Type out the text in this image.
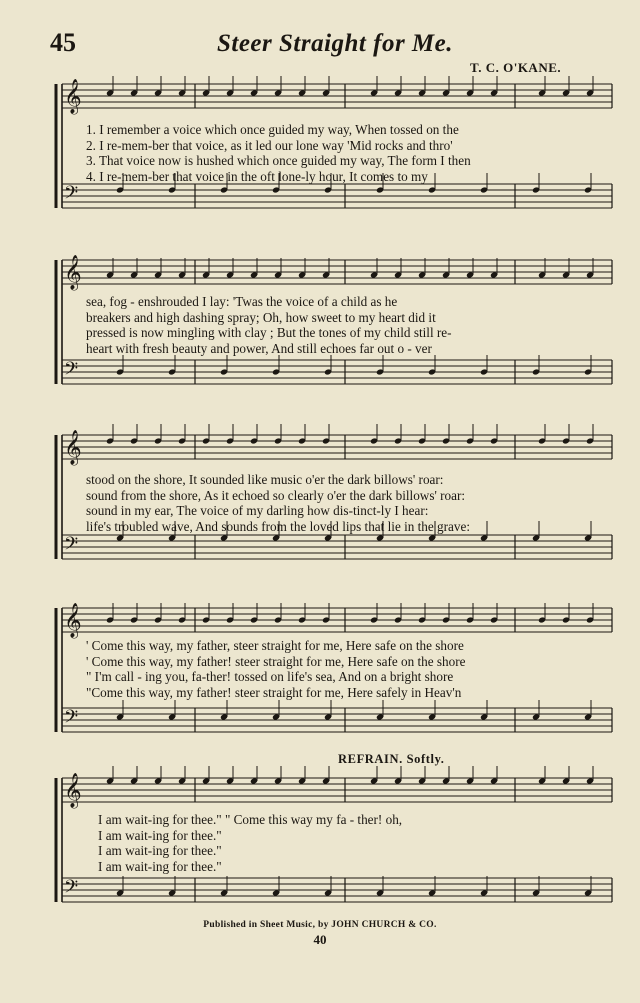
45	Steer Straight for Me.
T. C. O'KANE.
𝄞
𝄢
1. I remember a voice which once guided my way, When tossed on the
2. I re-mem-ber that voice, as it led our lone way 'Mid rocks and thro'
3. That voice now is hushed which once guided my way, The form I then
4. I re-mem-ber that voice in the oft lone-ly hour, It comes to my
𝄞
𝄢
sea, fog - enshrouded I lay: 'Twas the voice of a child as he
breakers and high dashing spray; Oh, how sweet to my heart did it
pressed is now mingling with clay ; But the tones of my child still re-
heart with fresh beauty and power, And still echoes far out o - ver
𝄞
𝄢
stood on the shore, It sounded like music o'er the dark billows' roar:
sound from the shore, As it echoed so clearly o'er the dark billows' roar:
sound in my ear, The voice of my darling how dis-tinct-ly I hear:
life's troubled wave, And sounds from the loved lips that lie in the grave:
𝄞
𝄢
' Come this way, my father, steer straight for me, Here safe on the shore
' Come this way, my father! steer straight for me, Here safe on the shore
" I'm call - ing you, fa-ther! tossed on life's sea, And on a bright shore
"Come this way, my father! steer straight for me, Here safely in Heav'n
REFRAIN. Softly.
𝄞
𝄢
I am wait-ing for thee." " Come this way my fa - ther! oh,
I am wait-ing for thee."
I am wait-ing for thee."
I am wait-ing for thee."
Published in Sheet Music, by JOHN CHURCH & CO.
40
